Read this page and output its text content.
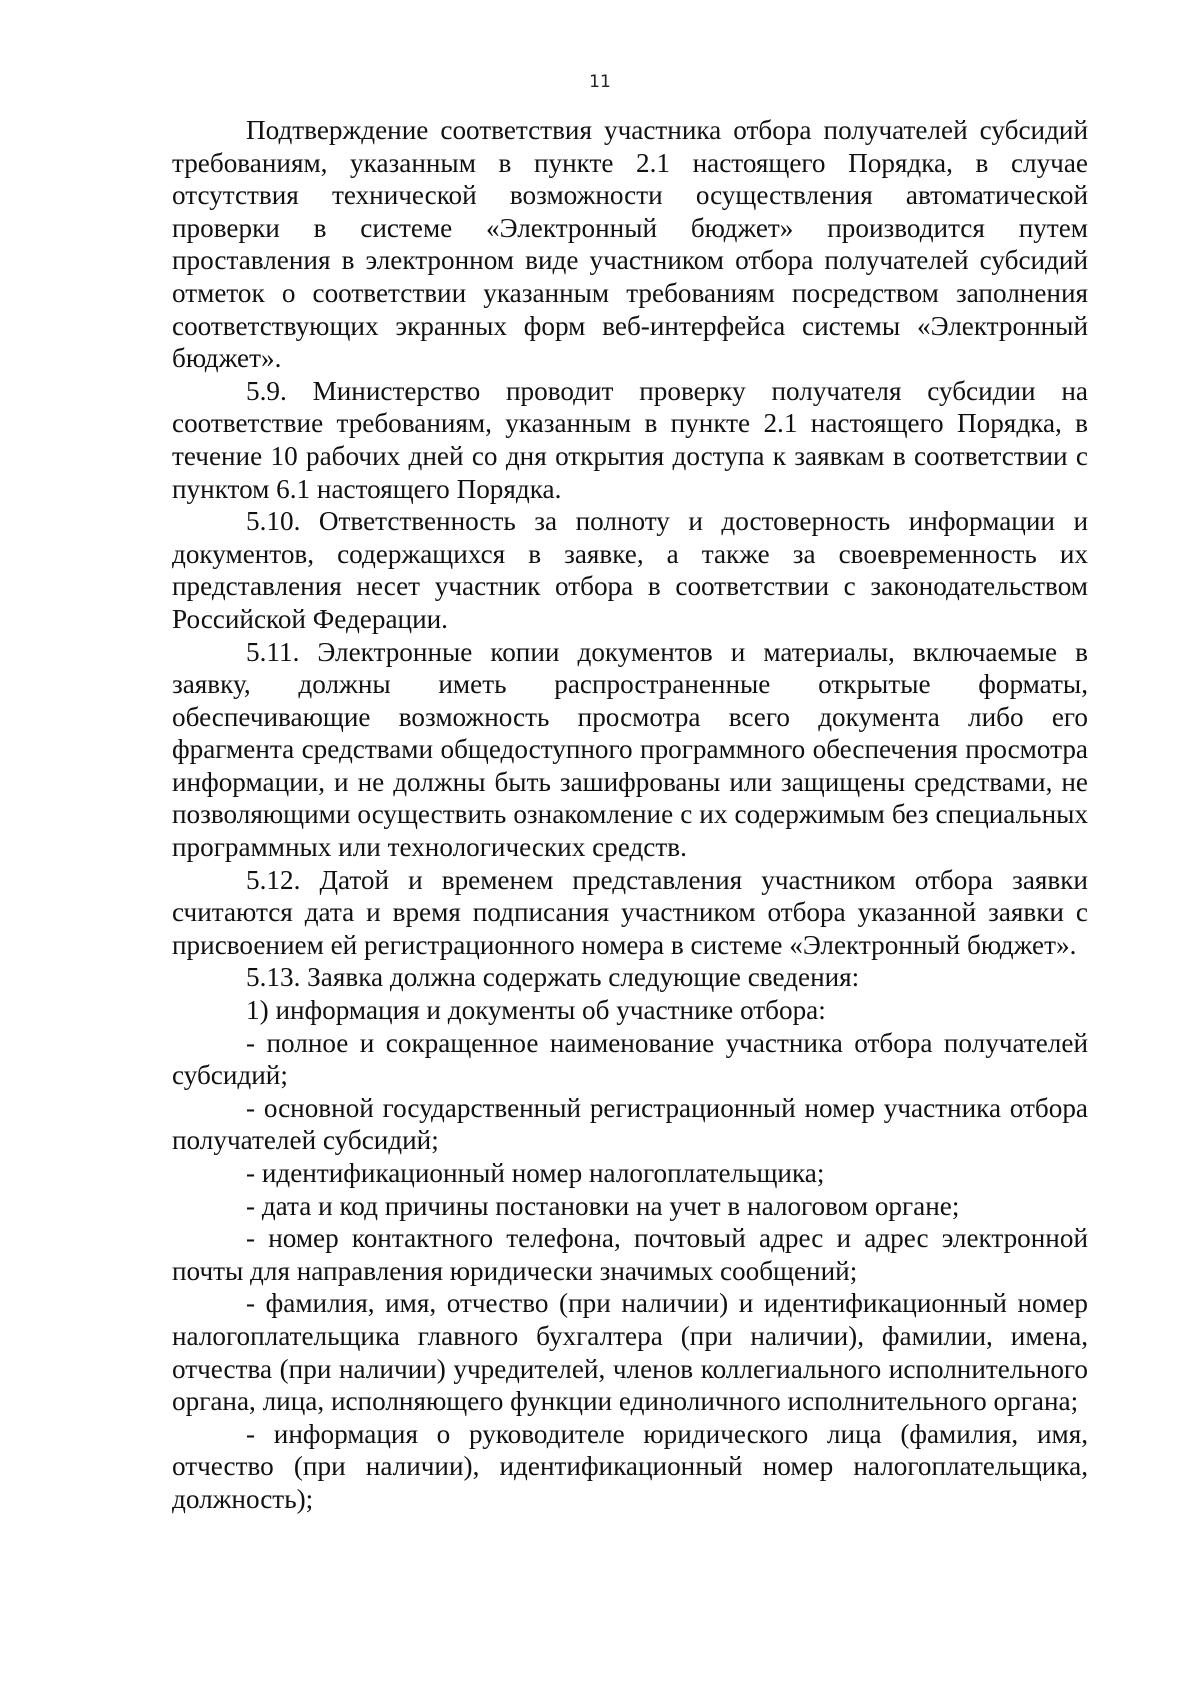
11

Подтверждение соответствия участника отбора получателей субсидий требованиям, указанным в пункте 2.1 настоящего Порядка, в случае отсутствия технической возможности осуществления автоматической проверки в системе «Электронный бюджет» производится путем проставления в электронном виде участником отбора получателей субсидий отметок о соответствии указанным требованиям посредством заполнения соответствующих экранных форм веб-интерфейса системы «Электронный бюджет».

5.9. Министерство проводит проверку получателя субсидии на соответствие требованиям, указанным в пункте 2.1 настоящего Порядка, в течение 10 рабочих дней со дня открытия доступа к заявкам в соответствии с пунктом 6.1 настоящего Порядка.

5.10. Ответственность за полноту и достоверность информации и документов, содержащихся в заявке, а также за своевременность их представления несет участник отбора в соответствии с законодательством Российской Федерации.

5.11. Электронные копии документов и материалы, включаемые в заявку, должны иметь распространенные открытые форматы, обеспечивающие возможность просмотра всего документа либо его фрагмента средствами общедоступного программного обеспечения просмотра информации, и не должны быть зашифрованы или защищены средствами, не позволяющими осуществить ознакомление с их содержимым без специальных программных или технологических средств.

5.12. Датой и временем представления участником отбора заявки считаются дата и время подписания участником отбора указанной заявки с присвоением ей регистрационного номера в системе «Электронный бюджет».

5.13. Заявка должна содержать следующие сведения:

1) информация и документы об участнике отбора:

- полное и сокращенное наименование участника отбора получателей субсидий;

- основной государственный регистрационный номер участника отбора получателей субсидий;

- идентификационный номер налогоплательщика;

- дата и код причины постановки на учет в налоговом органе;

- номер контактного телефона, почтовый адрес и адрес электронной почты для направления юридически значимых сообщений;

- фамилия, имя, отчество (при наличии) и идентификационный номер налогоплательщика главного бухгалтера (при наличии), фамилии, имена, отчества (при наличии) учредителей, членов коллегиального исполнительного органа, лица, исполняющего функции единоличного исполнительного органа;

- информация о руководителе юридического лица (фамилия, имя, отчество (при наличии), идентификационный номер налогоплательщика, должность);
